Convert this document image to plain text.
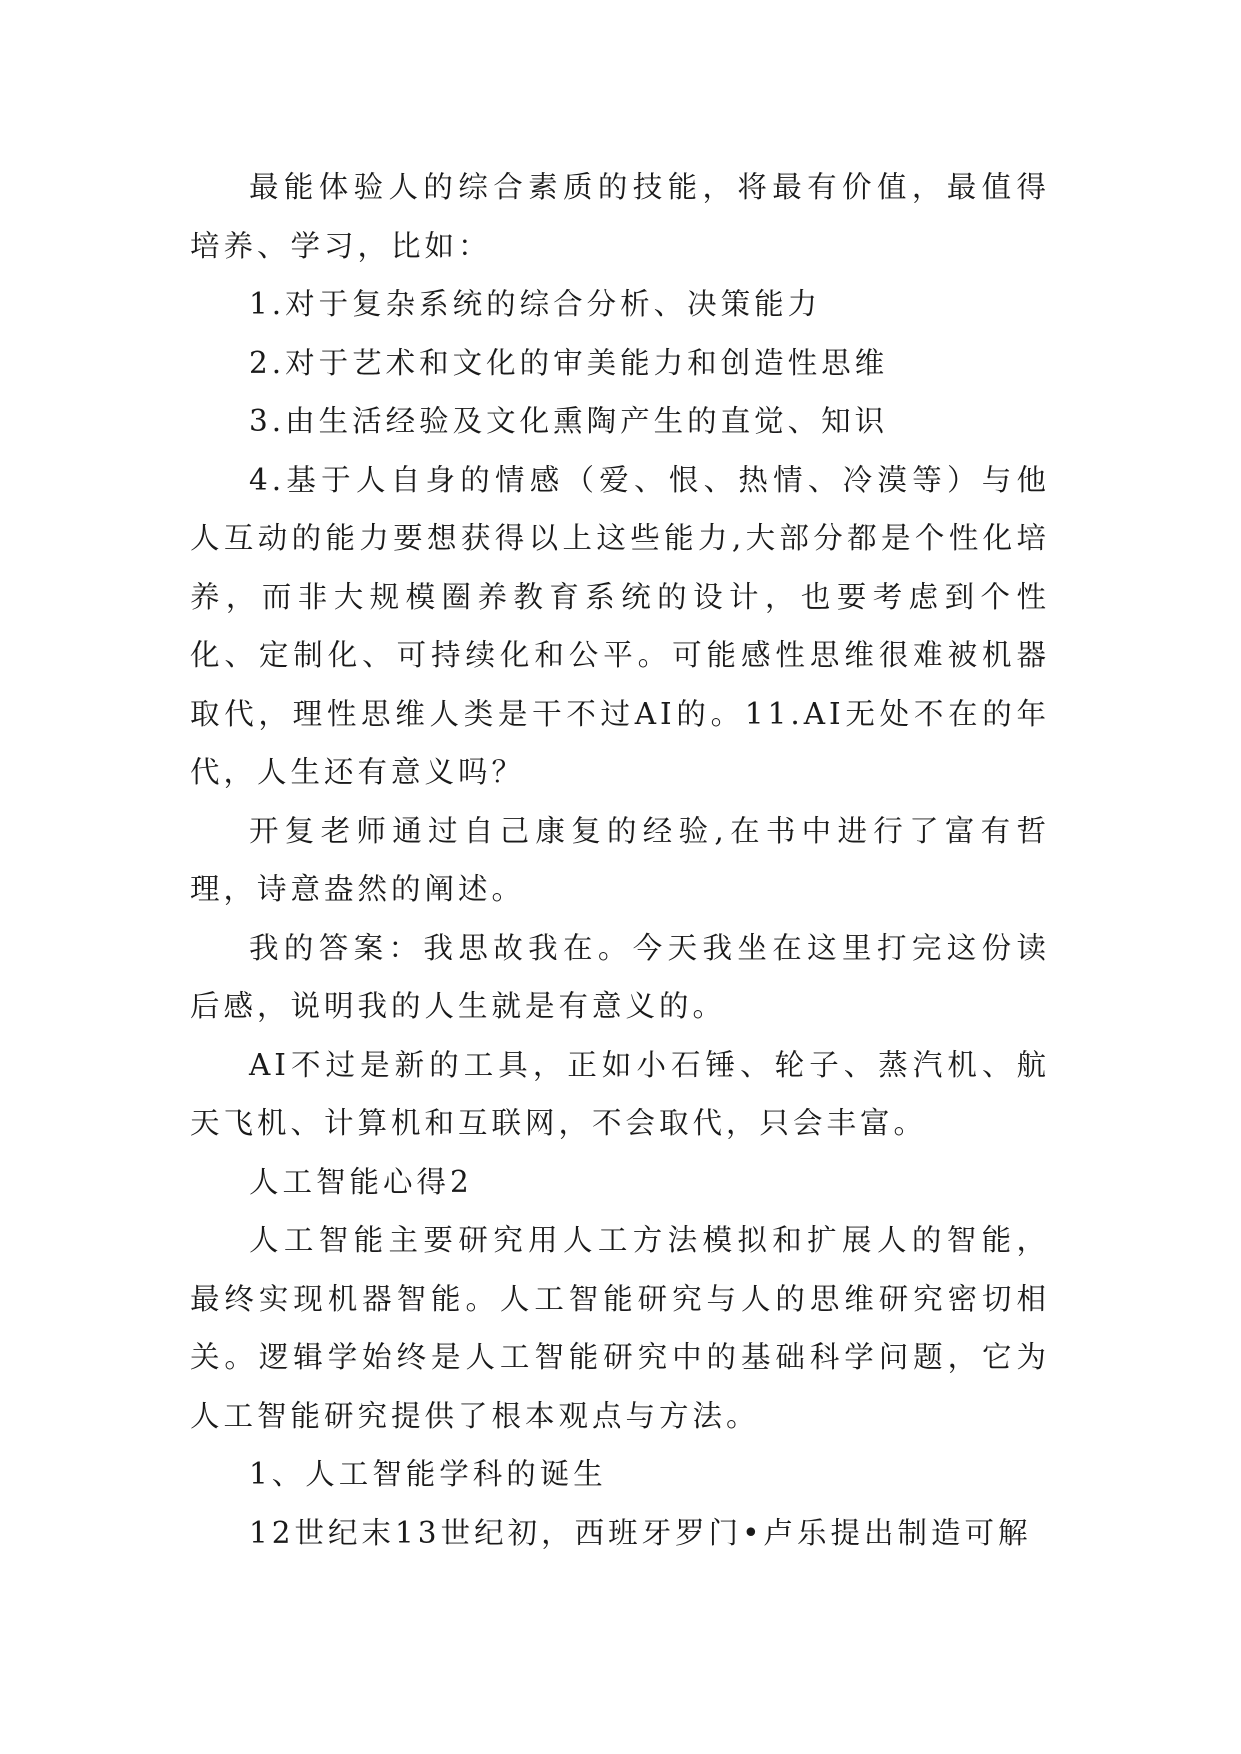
最能体验人的综合素质的技能，将最有价值，最值得培养、学习，比如：

1.对于复杂系统的综合分析、决策能力

2.对于艺术和文化的审美能力和创造性思维

3.由生活经验及文化熏陶产生的直觉、知识

4.基于人自身的情感（爱、恨、热情、冷漠等）与他人互动的能力要想获得以上这些能力,大部分都是个性化培养，而非大规模圈养教育系统的设计，也要考虑到个性化、定制化、可持续化和公平。可能感性思维很难被机器取代，理性思维人类是干不过AI的。11.AI无处不在的年代，人生还有意义吗？

开复老师通过自己康复的经验,在书中进行了富有哲理，诗意盎然的阐述。

我的答案：我思故我在。今天我坐在这里打完这份读后感，说明我的人生就是有意义的。

AI不过是新的工具，正如小石锤、轮子、蒸汽机、航天飞机、计算机和互联网，不会取代，只会丰富。

人工智能心得2

人工智能主要研究用人工方法模拟和扩展人的智能，最终实现机器智能。人工智能研究与人的思维研究密切相关。逻辑学始终是人工智能研究中的基础科学问题，它为人工智能研究提供了根本观点与方法。

1、人工智能学科的诞生

12世纪末13世纪初，西班牙罗门•卢乐提出制造可解
